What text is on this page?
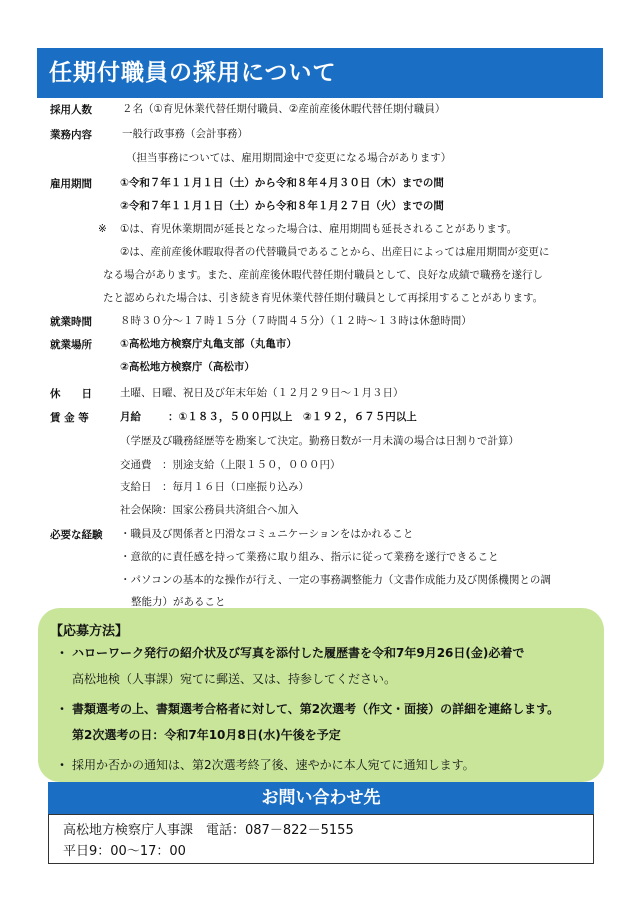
任期付職員の採用について
採用人数	２名（①育児休業代替任期付職員、②産前産後休暇代替任期付職員）
業務内容	一般行政事務（会計事務）
（担当事務については、雇用期間途中で変更になる場合があります）
雇用期間	①令和７年１１月１日（土）から令和８年４月３０日（木）までの間
②令和７年１１月１日（土）から令和８年１月２７日（火）までの間
※ ①は、育児休業期間が延長となった場合は、雇用期間も延長されることがあります。
②は、産前産後休暇取得者の代替職員であることから、出産日によっては雇用期間が変更に
なる場合があります。また、産前産後休暇代替任期付職員として、良好な成績で職務を遂行し
たと認められた場合は、引き続き育児休業代替任期付職員として再採用することがあります。
就業時間	８時３０分～１７時１５分（７時間４５分）（１２時～１３時は休憩時間）
就業場所	①高松地方検察庁丸亀支部（丸亀市）
②高松地方検察庁（高松市）
休　　日	土曜、日曜、祝日及び年末年始（１２月２９日～１月３日）
賃 金 等	月給	：①１８３，５００円以上　②１９２，６７５円以上
（学歴及び職務経歴等を勘案して決定。勤務日数が一月未満の場合は日割りで計算）
交通費　：別途支給（上限１５０，０００円）
支給日　：毎月１６日（口座振り込み）
社会保険：国家公務員共済組合へ加入
必要な経験 ・職員及び関係者と円滑なコミュニケーションをはかれること
・意欲的に責任感を持って業務に取り組み、指示に従って業務を遂行できること
・パソコンの基本的な操作が行え、一定の事務調整能力（文書作成能力及び関係機関との調
整能力）があること
【応募方法】
・ ハローワーク発行の紹介状及び写真を添付した履歴書を令和7年9月26日(金)必着で
高松地検（人事課）宛てに郵送、又は、持参してください。
・ 書類選考の上、書類選考合格者に対して、第2次選考（作文・面接）の詳細を連絡します。
第2次選考の日：令和7年10月8日(水)午後を予定
・ 採用か否かの通知は、第2次選考終了後、速やかに本人宛てに通知します。
お問い合わせ先
高松地方検察庁人事課　電話：087－822－5155
平日9：00～17：00
